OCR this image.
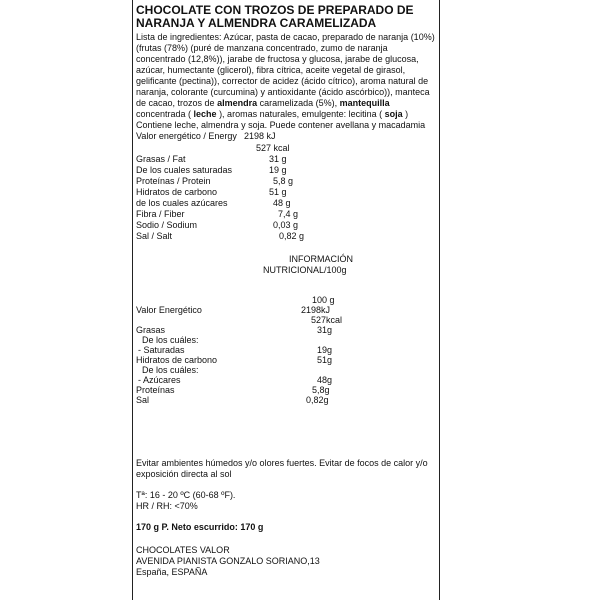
CHOCOLATE CON TROZOS DE PREPARADO DE NARANJA Y ALMENDRA CARAMELIZADA
Lista de ingredientes: Azúcar, pasta de cacao, preparado de naranja (10%) (frutas (78%) (puré de manzana concentrado, zumo de naranja concentrado (12,8%)), jarabe de fructosa y glucosa, jarabe de glucosa, azúcar, humectante (glicerol), fibra cítrica, aceite vegetal de girasol, gelificante (pectina)), corrector de acidez (ácido cítrico), aroma natural de naranja, colorante (curcumina) y antioxidante (ácido ascórbico)), manteca de cacao, trozos de almendra caramelizada (5%), mantequilla concentrada ( leche ), aromas naturales, emulgente: lecitina ( soja )
Contiene leche, almendra y soja. Puede contener avellana y macadamia
Valor energético / Energy 2198 kJ
527 kcal
Grasas / Fat	31 g
De los cuales saturadas	19 g
Proteínas / Protein	5,8 g
Hidratos de carbono	51 g
de los cuales azúcares	48 g
Fibra / Fiber	7,4 g
Sodio / Sodium	0,03 g
Sal / Salt	0,82 g
INFORMACIÓN
NUTRICIONAL/100g
100 g
Valor Energético	2198kJ
527kcal
Grasas	31g
De los cuáles:
- Saturadas	19g
Hidratos de carbono	51g
De los cuáles:
- Azúcares	48g
Proteínas	5,8g
Sal	0,82g
Evitar ambientes húmedos y/o olores fuertes. Evitar de focos de calor y/o
exposición directa al sol
Tª: 16 - 20 ºC (60-68 ºF).
HR / RH: <70%
170 g P. Neto escurrido: 170 g
CHOCOLATES VALOR
AVENIDA PIANISTA GONZALO SORIANO,13
España, ESPAÑA
